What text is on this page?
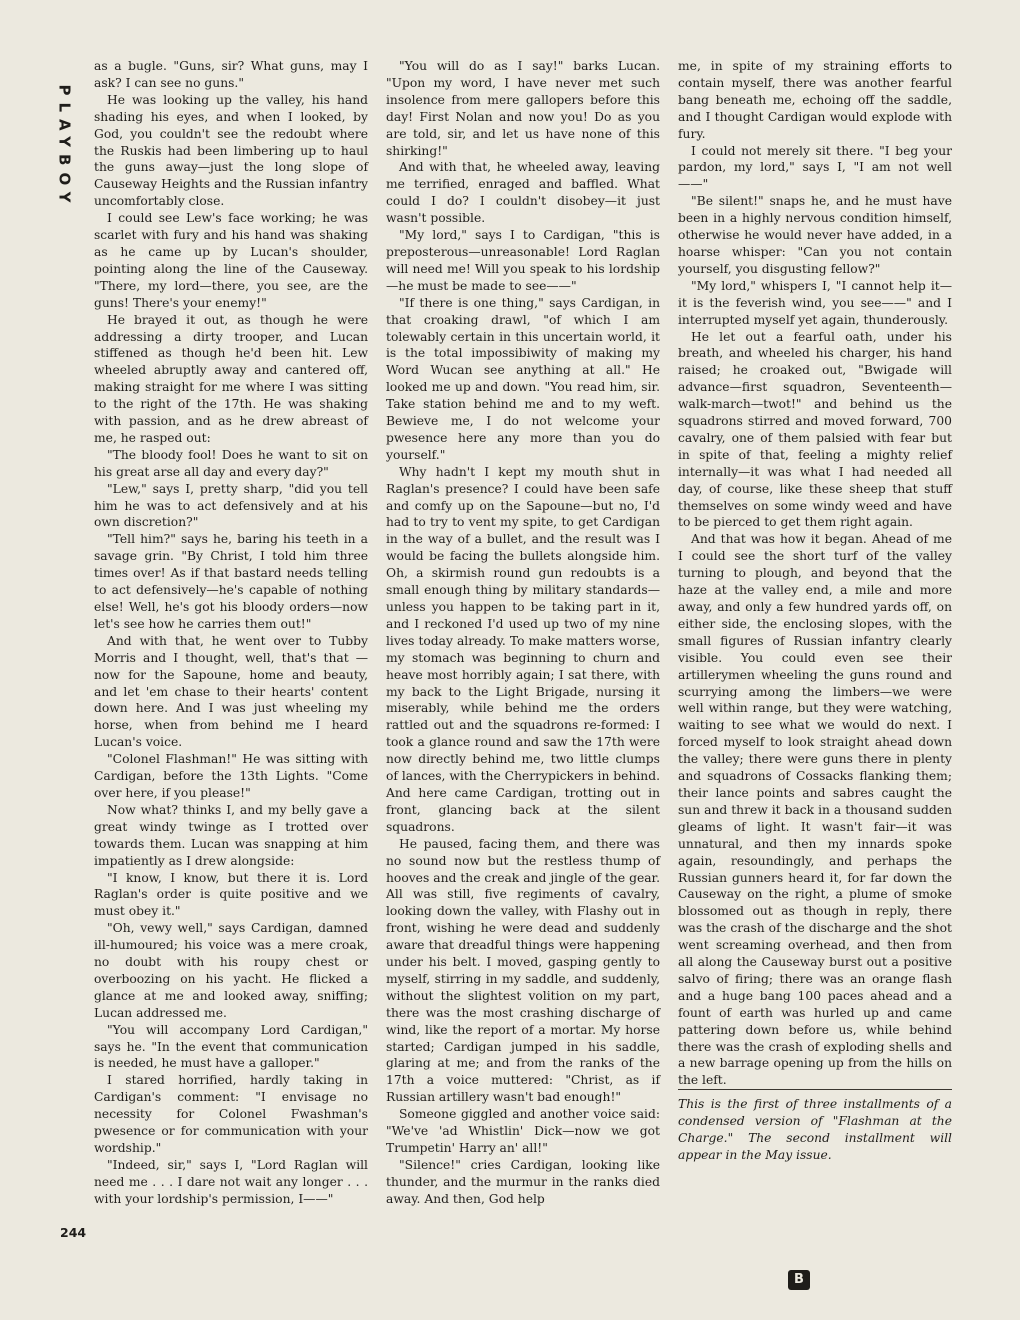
PLAYBOY

as a bugle. "Guns, sir? What guns, may I ask? I can see no guns."

He was looking up the valley, his hand shading his eyes, and when I looked, by God, you couldn't see the redoubt where the Ruskis had been limbering up to haul the guns away—just the long slope of Causeway Heights and the Russian infantry uncomfortably close.

I could see Lew's face working; he was scarlet with fury and his hand was shaking as he came up by Lucan's shoulder, pointing along the line of the Causeway. "There, my lord—there, you see, are the guns! There's your enemy!"

He brayed it out, as though he were addressing a dirty trooper, and Lucan stiffened as though he'd been hit. Lew wheeled abruptly away and cantered off, making straight for me where I was sitting to the right of the 17th. He was shaking with passion, and as he drew abreast of me, he rasped out:

"The bloody fool! Does he want to sit on his great arse all day and every day?"

"Lew," says I, pretty sharp, "did you tell him he was to act defensively and at his own discretion?"

"Tell him?" says he, baring his teeth in a savage grin. "By Christ, I told him three times over! As if that bastard needs telling to act defensively—he's capable of nothing else! Well, he's got his bloody orders—now let's see how he carries them out!"

And with that, he went over to Tubby Morris and I thought, well, that's that —now for the Sapoune, home and beauty, and let 'em chase to their hearts' content down here. And I was just wheeling my horse, when from behind me I heard Lucan's voice.

"Colonel Flashman!" He was sitting with Cardigan, before the 13th Lights. "Come over here, if you please!"

Now what? thinks I, and my belly gave a great windy twinge as I trotted over towards them. Lucan was snapping at him impatiently as I drew alongside:

"I know, I know, but there it is. Lord Raglan's order is quite positive and we must obey it."

"Oh, vewy well," says Cardigan, damned ill-humoured; his voice was a mere croak, no doubt with his roupy chest or overboozing on his yacht. He flicked a glance at me and looked away, sniffing; Lucan addressed me.

"You will accompany Lord Cardigan," says he. "In the event that communication is needed, he must have a galloper."

I stared horrified, hardly taking in Cardigan's comment: "I envisage no necessity for Colonel Fwashman's pwesence or for communication with your wordship."

"Indeed, sir," says I, "Lord Raglan will need me . . . I dare not wait any longer . . . with your lordship's permission, I——"

"You will do as I say!" barks Lucan. "Upon my word, I have never met such insolence from mere gallopers before this day! First Nolan and now you! Do as you are told, sir, and let us have none of this shirking!"

And with that, he wheeled away, leaving me terrified, enraged and baffled. What could I do? I couldn't disobey—it just wasn't possible.

"My lord," says I to Cardigan, "this is preposterous—unreasonable! Lord Raglan will need me! Will you speak to his lordship—he must be made to see——"

"If there is one thing," says Cardigan, in that croaking drawl, "of which I am tolewably certain in this uncertain world, it is the total impossibiwity of making my Word Wucan see anything at all." He looked me up and down. "You read him, sir. Take station behind me and to my weft. Bewieve me, I do not welcome your pwesence here any more than you do yourself."

Why hadn't I kept my mouth shut in Raglan's presence? I could have been safe and comfy up on the Sapoune—but no, I'd had to try to vent my spite, to get Cardigan in the way of a bullet, and the result was I would be facing the bullets alongside him. Oh, a skirmish round gun redoubts is a small enough thing by military standards—unless you happen to be taking part in it, and I reckoned I'd used up two of my nine lives today already. To make matters worse, my stomach was beginning to churn and heave most horribly again; I sat there, with my back to the Light Brigade, nursing it miserably, while behind me the orders rattled out and the squadrons re-formed: I took a glance round and saw the 17th were now directly behind me, two little clumps of lances, with the Cherrypickers in behind. And here came Cardigan, trotting out in front, glancing back at the silent squadrons.

He paused, facing them, and there was no sound now but the restless thump of hooves and the creak and jingle of the gear. All was still, five regiments of cavalry, looking down the valley, with Flashy out in front, wishing he were dead and suddenly aware that dreadful things were happening under his belt. I moved, gasping gently to myself, stirring in my saddle, and suddenly, without the slightest volition on my part, there was the most crashing discharge of wind, like the report of a mortar. My horse started; Cardigan jumped in his saddle, glaring at me; and from the ranks of the 17th a voice muttered: "Christ, as if Russian artillery wasn't bad enough!"

Someone giggled and another voice said: "We've 'ad Whistlin' Dick—now we got Trumpetin' Harry an' all!"

"Silence!" cries Cardigan, looking like thunder, and the murmur in the ranks died away. And then, God help

me, in spite of my straining efforts to contain myself, there was another fearful bang beneath me, echoing off the saddle, and I thought Cardigan would explode with fury.

I could not merely sit there. "I beg your pardon, my lord," says I, "I am not well——"

"Be silent!" snaps he, and he must have been in a highly nervous condition himself, otherwise he would never have added, in a hoarse whisper: "Can you not contain yourself, you disgusting fellow?"

"My lord," whispers I, "I cannot help it—it is the feverish wind, you see——" and I interrupted myself yet again, thunderously.

He let out a fearful oath, under his breath, and wheeled his charger, his hand raised; he croaked out, "Bwigade will advance—first squadron, Seventeenth—walk-march—twot!" and behind us the squadrons stirred and moved forward, 700 cavalry, one of them palsied with fear but in spite of that, feeling a mighty relief internally—it was what I had needed all day, of course, like these sheep that stuff themselves on some windy weed and have to be pierced to get them right again.

And that was how it began. Ahead of me I could see the short turf of the valley turning to plough, and beyond that the haze at the valley end, a mile and more away, and only a few hundred yards off, on either side, the enclosing slopes, with the small figures of Russian infantry clearly visible. You could even see their artillerymen wheeling the guns round and scurrying among the limbers—we were well within range, but they were watching, waiting to see what we would do next. I forced myself to look straight ahead down the valley; there were guns there in plenty and squadrons of Cossacks flanking them; their lance points and sabres caught the sun and threw it back in a thousand sudden gleams of light. It wasn't fair—it was unnatural, and then my innards spoke again, resoundingly, and perhaps the Russian gunners heard it, for far down the Causeway on the right, a plume of smoke blossomed out as though in reply, there was the crash of the discharge and the shot went screaming overhead, and then from all along the Causeway burst out a positive salvo of firing; there was an orange flash and a huge bang 100 paces ahead and a fount of earth was hurled up and came pattering down before us, while behind there was the crash of exploding shells and a new barrage opening up from the hills on the left.

This is the first of three installments of a condensed version of "Flashman at the Charge." The second installment will appear in the May issue.

244
B
